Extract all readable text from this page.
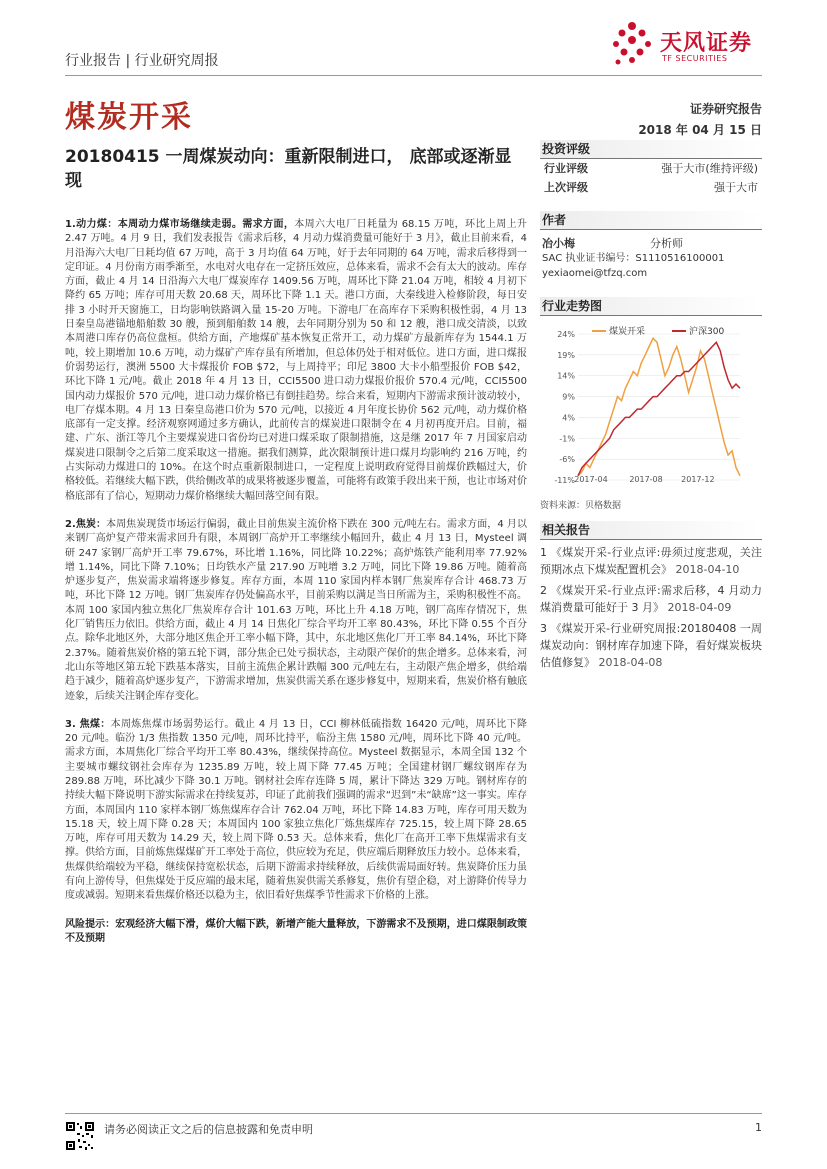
行业报告 | 行业研究周报
天风证券
TF SECURITIES
煤炭开采	证券研究报告
2018 年 04 月 15 日
20180415 一周煤炭动向：重新限制进口， 底部或逐渐显现

1.动力煤：本周动力煤市场继续走弱。需求方面，本周六大电厂日耗量为 68.15 万吨，环比上周上升 2.47 万吨。4 月 9 日，我们发表报告《需求后移，4 月动力煤消费量可能好于 3 月》，截止目前来看，4 月沿海六大电厂日耗均值 67 万吨，高于 3 月均值 64 万吨，好于去年同期的 64 万吨，需求后移得到一定印证。4 月份南方雨季渐至，水电对火电存在一定挤压效应，总体来看，需求不会有太大的波动。库存方面，截止 4 月 14 日沿海六大电厂煤炭库存 1409.56 万吨，周环比下降 21.04 万吨，相较 4 月初下降约 65 万吨；库存可用天数 20.68 天，周环比下降 1.1 天。港口方面，大秦线进入检修阶段，每日安排 3 小时开天窗施工，日均影响铁路调入量 15-20 万吨。下游电厂在高库存下采购积极性弱，4 月 13 日秦皇岛港锚地船舶数 30 艘，预到船舶数 14 艘，去年同期分别为 50 和 12 艘，港口成交清淡，以致本周港口库存仍高位盘桓。供给方面，产地煤矿基本恢复正常开工，动力煤矿方最新库存为 1544.1 万吨，较上期增加 10.6 万吨，动力煤矿产库存虽有所增加，但总体仍处于相对低位。进口方面，进口煤报价弱势运行，澳洲 5500 大卡煤报价 FOB $72，与上周持平；印尼 3800 大卡小船型报价 FOB $42，环比下降 1 元/吨。截止 2018 年 4 月 13 日，CCI5500 进口动力煤报价报价 570.4 元/吨，CCI5500 国内动力煤报价 570 元/吨，进口动力煤价格已有倒挂趋势。综合来看，短期内下游需求预计波动较小，电厂存煤本期。4 月 13 日秦皇岛港口价为 570 元/吨，以接近 4 月年度长协价 562 元/吨，动力煤价格底部有一定支撑。经济观察网通过多方确认，此前传言的煤炭进口限制令在 4 月初再度开启。目前，福建、广东、浙江等几个主要煤炭进口省份均已对进口煤采取了限制措施，这是继 2017 年 7 月国家启动煤炭进口限制令之后第二度采取这一措施。据我们测算，此次限制预计进口煤月均影响约 216 万吨，约占实际动力煤进口的 10%。在这个时点重新限制进口，一定程度上说明政府觉得目前煤价跌幅过大，价格较低。若继续大幅下跌，供给侧改革的成果将被逐步覆盖，可能将有政策手段出来干预，也让市场对价格底部有了信心，短期动力煤价格继续大幅回落空间有限。

2.焦炭：本周焦炭现货市场运行偏弱，截止目前焦炭主流价格下跌在 300 元/吨左右。需求方面，4 月以来钢厂高炉复产带来需求回升有限，本周钢厂高炉开工率继续小幅回升，截止 4 月 13 日，Mysteel 调研 247 家钢厂高炉开工率 79.67%，环比增 1.16%，同比降 10.22%；高炉炼铁产能利用率 77.92%增 1.14%，同比下降 7.10%；日均铁水产量 217.90 万吨增 3.2 万吨，同比下降 19.86 万吨。随着高炉逐步复产，焦炭需求端将逐步修复。库存方面，本周 110 家国内样本钢厂焦炭库存合计 468.73 万吨，环比下降 12 万吨。钢厂焦炭库存仍处偏高水平，目前采购以满足当日所需为主，采购积极性不高。本周 100 家国内独立焦化厂焦炭库存合计 101.63 万吨，环比上升 4.18 万吨，钢厂高库存情况下，焦化厂销售压力依旧。供给方面，截止 4 月 14 日焦化厂综合平均开工率 80.43%，环比下降 0.55 个百分点。除华北地区外，大部分地区焦企开工率小幅下降，其中，东北地区焦化厂开工率 84.14%，环比下降 2.37%。随着焦炭价格的第五轮下调，部分焦企已处亏损状态，主动限产保价的焦企增多。总体来看，河北山东等地区第五轮下跌基本落实，目前主流焦企累计跌幅 300 元/吨左右，主动限产焦企增多，供给端趋于减少，随着高炉逐步复产，下游需求增加，焦炭供需关系在逐步修复中，短期来看，焦炭价格有触底迹象，后续关注钢企库存变化。

3. 焦煤：本周炼焦煤市场弱势运行。截止 4 月 13 日，CCI 柳林低硫指数 16420 元/吨，周环比下降 20 元/吨。临汾 1/3 焦指数 1350 元/吨，周环比持平，临汾主焦 1580 元/吨，周环比下降 40 元/吨。需求方面，本周焦化厂综合平均开工率 80.43%，继续保持高位。Mysteel 数据显示，本周全国 132 个主要城市螺纹钢社会库存为 1235.89 万吨，较上周下降 77.45 万吨；全国建材钢厂螺纹钢库存为 289.88 万吨，环比减少下降 30.1 万吨。钢材社会库存连降 5 周，累计下降达 329 万吨。钢材库存的持续大幅下降说明下游实际需求在持续复苏，印证了此前我们强调的需求“迟到”未“缺席”这一事实。库存方面，本周国内 110 家样本钢厂炼焦煤库存合计 762.04 万吨，环比下降 14.83 万吨，库存可用天数为 15.18 天，较上周下降 0.28 天；本周国内 100 家独立焦化厂炼焦煤库存 725.15，较上周下降 28.65 万吨，库存可用天数为 14.29 天，较上周下降 0.53 天。总体来看，焦化厂在高开工率下焦煤需求有支撑。供给方面，目前炼焦煤煤矿开工率处于高位，供应较为充足，供应端后期释放压力较小。总体来看，焦煤供给端较为平稳，继续保持宽松状态，后期下游需求持续释放，后续供需局面好转。焦炭降价压力虽有向上游传导，但焦煤处于反应端的最末尾，随着焦炭供需关系修复，焦价有望企稳，对上游降价传导力度或减弱。短期来看焦煤价格还以稳为主，依旧看好焦煤季节性需求下价格的上涨。

风险提示：宏观经济大幅下滑，煤价大幅下跌，新增产能大量释放，下游需求不及预期，进口煤限制政策不及预期

投资评级
行业评级	强于大市(维持评级)
上次评级	强于大市
作者
冶小梅	分析师
SAC 执业证书编号：S1110516100001
yexiaomei@tfzq.com
行业走势图
24%
19%
14%
9%
4%
-1%
-6%
-11% 2017-04	2017-08 2017-12
煤炭开采	沪深300
资料来源：贝格数据
相关报告
1 《煤炭开采-行业点评:毋须过度悲观，关注预期冰点下煤炭配置机会》 2018-04-10
2 《煤炭开采-行业点评:需求后移，4 月动力煤消费量可能好于 3 月》 2018-04-09
3 《煤炭开采-行业研究周报:20180408 一周煤炭动向：钢材库存加速下降，看好煤炭板块估值修复》 2018-04-08
请务必阅读正文之后的信息披露和免责申明	1
